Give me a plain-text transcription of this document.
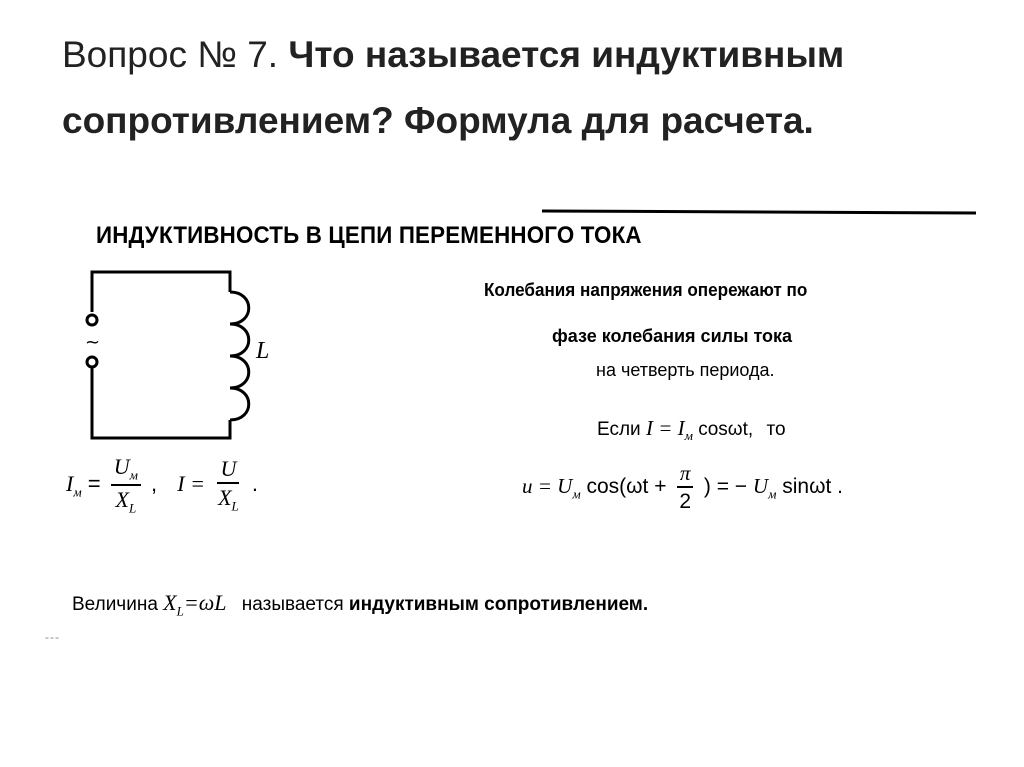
Вопрос № 7. Что называется индуктивным сопротивлением? Формула для расчета.
ИНДУКТИВНОСТЬ В ЦЕПИ ПЕРЕМЕННОГО ТОКА
~	L
Колебания напряжения опережают по
фазе колебания силы тока
на четверть периода.
Если $I = I_м$ cosωt, то
$u = U_м$ $\cos(\omega t + \frac{\pi}{2}$ ) = − $U_м$ sinωt .
$I_м = \frac{U_м}{X_L}$ , $I = \frac{U}{X_L}$ .
Величина $X_L=\omega L$ называется индуктивным сопротивлением.
---
